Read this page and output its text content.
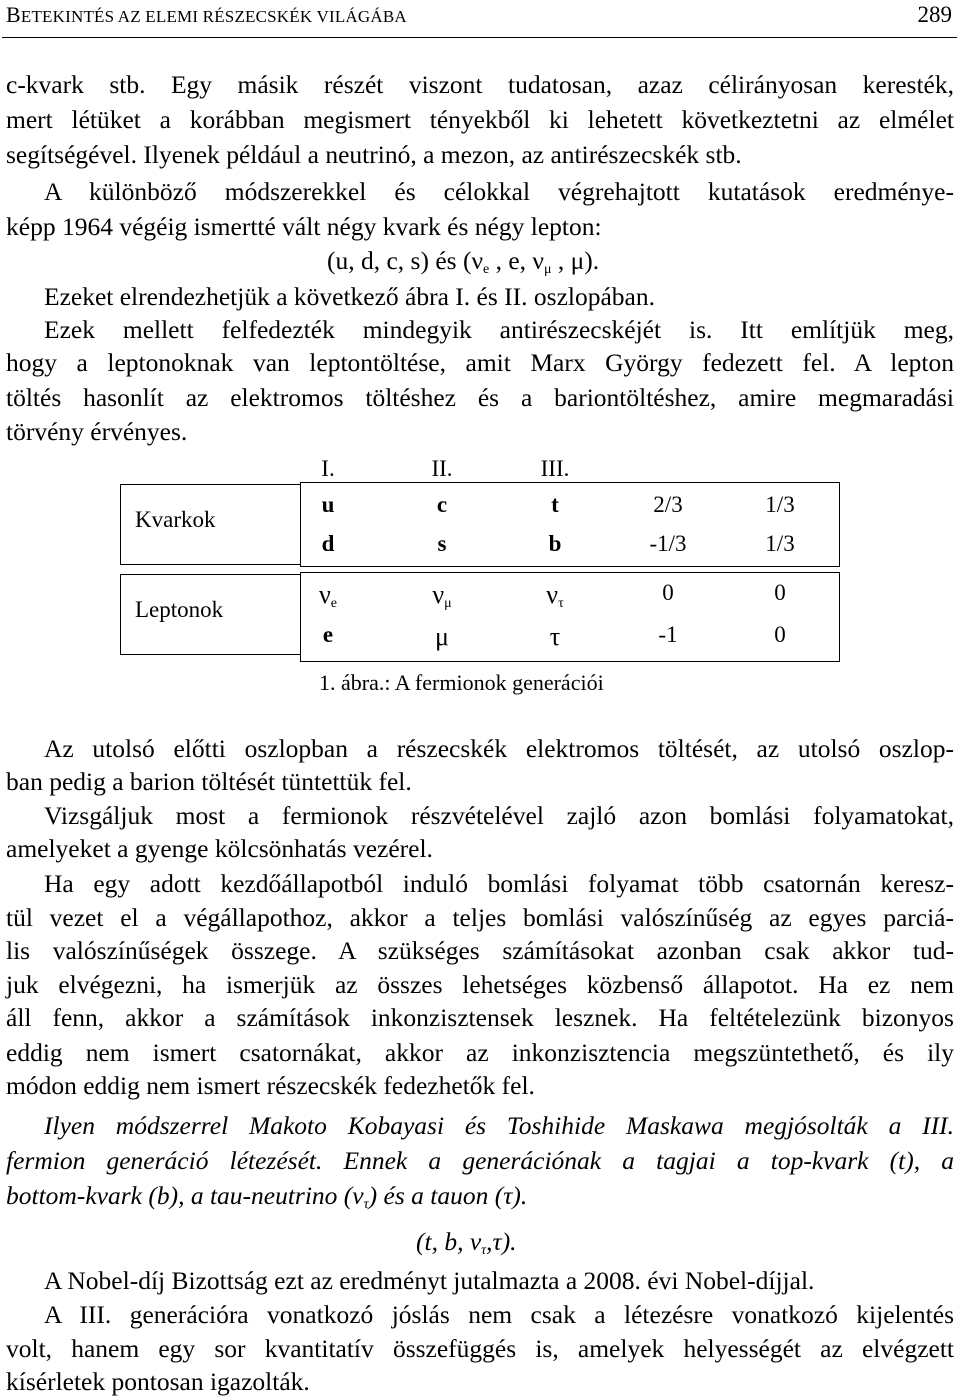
BETEKINTÉS AZ ELEMI RÉSZECSKÉK VILÁGÁBA	289
c-kvark stb. Egy másik részét viszont tudatosan, azaz célirányosan keresték,
mert létüket a korábban megismert tényekből ki lehetett következtetni az elmélet
segítségével. Ilyenek például a neutrinó, a mezon, az antirészecskék stb.
A különböző módszerekkel és célokkal végrehajtott kutatások eredménye-
képp 1964 végéig ismertté vált négy kvark és négy lepton:
(u, d, c, s) és ($\nu_e$ , e, $\nu_\mu$ , μ).
Ezeket elrendezhetjük a következő ábra I. és II. oszlopában.
Ezek mellett felfedezték mindegyik antirészecskéjét is. Itt említjük meg,
hogy a leptonoknak van leptontöltése, amit Marx György fedezett fel. A lepton
töltés hasonlít az elektromos töltéshez és a bariontöltéshez, amire megmaradási
törvény érvényes.
I.	II.	III.
Kvarkok
u	c	t	2/3	1/3
d	s	b	-1/3	1/3
Leptonok
$\nu_e$	$\nu_\mu$	$\nu_\tau$	0	0
e	μ	τ	-1	0
1. ábra.: A fermionok generációi
Az utolsó előtti oszlopban a részecskék elektromos töltését, az utolsó oszlop-
ban pedig a barion töltését tüntettük fel.
Vizsgáljuk most a fermionok részvételével zajló azon bomlási folyamatokat,
amelyeket a gyenge kölcsönhatás vezérel.
Ha egy adott kezdőállapotból induló bomlási folyamat több csatornán keresz-
tül vezet el a végállapothoz, akkor a teljes bomlási valószínűség az egyes parciá-
lis valószínűségek összege. A szükséges számításokat azonban csak akkor tud-
juk elvégezni, ha ismerjük az összes lehetséges közbenső állapotot. Ha ez nem
áll fenn, akkor a számítások inkonzisztensek lesznek. Ha feltételezünk bizonyos
eddig nem ismert csatornákat, akkor az inkonzisztencia megszüntethető, és ily
módon eddig nem ismert részecskék fedezhetők fel.
Ilyen módszerrel Makoto Kobayasi és Toshihide Maskawa megjósolták a III.
fermion generáció létezését. Ennek a generációnak a tagjai a top-kvark (t), a
bottom-kvark (b), a tau-neutrino $(\nu_\tau)$ és a tauon (τ).
(t, b, $\nu_\tau,\tau$).
A Nobel-díj Bizottság ezt az eredményt jutalmazta a 2008. évi Nobel-díjjal.
A III. generációra vonatkozó jóslás nem csak a létezésre vonatkozó kijelentés
volt, hanem egy sor kvantitatív összefüggés is, amelyek helyességét az elvégzett
kísérletek pontosan igazolták.
